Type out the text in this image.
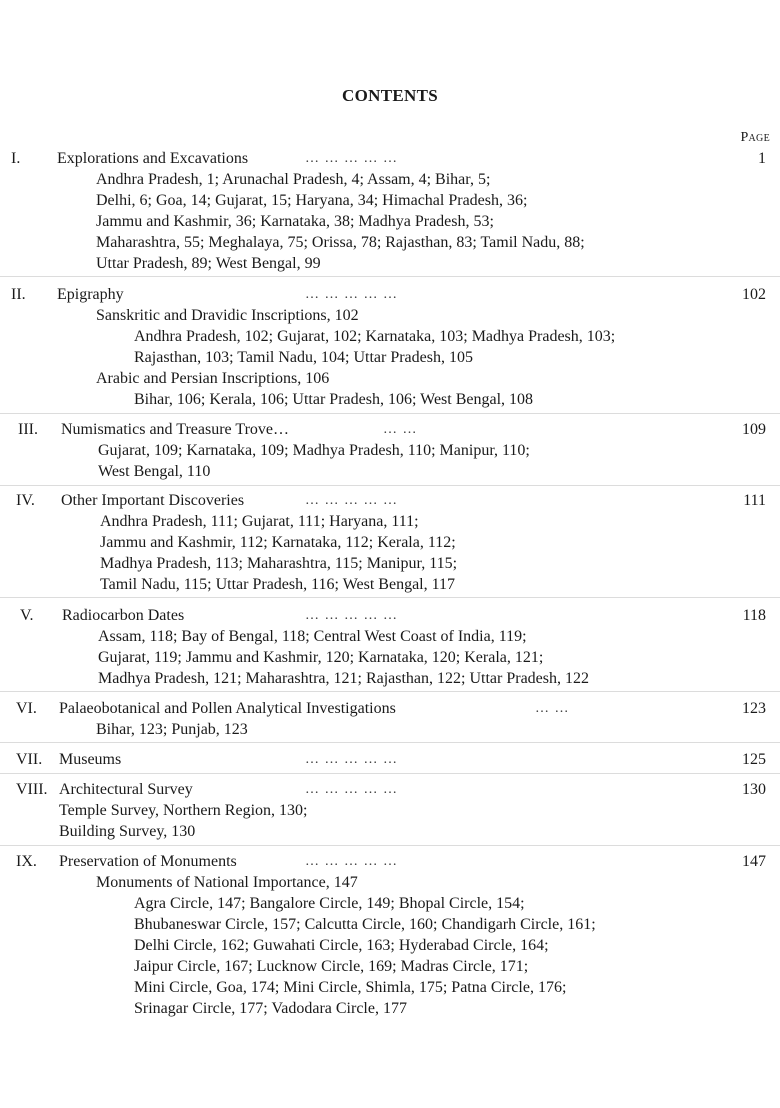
CONTENTS
Page
I. Explorations and Excavations	… … … … …	1
Andhra Pradesh, 1; Arunachal Pradesh, 4; Assam, 4; Bihar, 5;
Delhi, 6; Goa, 14; Gujarat, 15; Haryana, 34; Himachal Pradesh, 36;
Jammu and Kashmir, 36; Karnataka, 38; Madhya Pradesh, 53;
Maharashtra, 55; Meghalaya, 75; Orissa, 78; Rajasthan, 83; Tamil Nadu, 88;
Uttar Pradesh, 89; West Bengal, 99
II. Epigraphy	… … … … …	102
Sanskritic and Dravidic Inscriptions, 102
Andhra Pradesh, 102; Gujarat, 102; Karnataka, 103; Madhya Pradesh, 103;
Rajasthan, 103; Tamil Nadu, 104; Uttar Pradesh, 105
Arabic and Persian Inscriptions, 106
Bihar, 106; Kerala, 106; Uttar Pradesh, 106; West Bengal, 108
III. Numismatics and Treasure Trove…	… …	109
Gujarat, 109; Karnataka, 109; Madhya Pradesh, 110; Manipur, 110;
West Bengal, 110
IV. Other Important Discoveries	… … … … …	111
Andhra Pradesh, 111; Gujarat, 111; Haryana, 111;
Jammu and Kashmir, 112; Karnataka, 112; Kerala, 112;
Madhya Pradesh, 113; Maharashtra, 115; Manipur, 115;
Tamil Nadu, 115; Uttar Pradesh, 116; West Bengal, 117
V. Radiocarbon Dates	… … … … …	118
Assam, 118; Bay of Bengal, 118; Central West Coast of India, 119;
Gujarat, 119; Jammu and Kashmir, 120; Karnataka, 120; Kerala, 121;
Madhya Pradesh, 121; Maharashtra, 121; Rajasthan, 122; Uttar Pradesh, 122
VI. Palaeobotanical and Pollen Analytical Investigations	… …	123
Bihar, 123; Punjab, 123
VII. Museums	… … … … …	125
VIII. Architectural Survey	… … … … …	130
Temple Survey, Northern Region, 130;
Building Survey, 130
IX. Preservation of Monuments	… … … … …	147
Monuments of National Importance, 147
Agra Circle, 147; Bangalore Circle, 149; Bhopal Circle, 154;
Bhubaneswar Circle, 157; Calcutta Circle, 160; Chandigarh Circle, 161;
Delhi Circle, 162; Guwahati Circle, 163; Hyderabad Circle, 164;
Jaipur Circle, 167; Lucknow Circle, 169; Madras Circle, 171;
Mini Circle, Goa, 174; Mini Circle, Shimla, 175; Patna Circle, 176;
Srinagar Circle, 177; Vadodara Circle, 177
